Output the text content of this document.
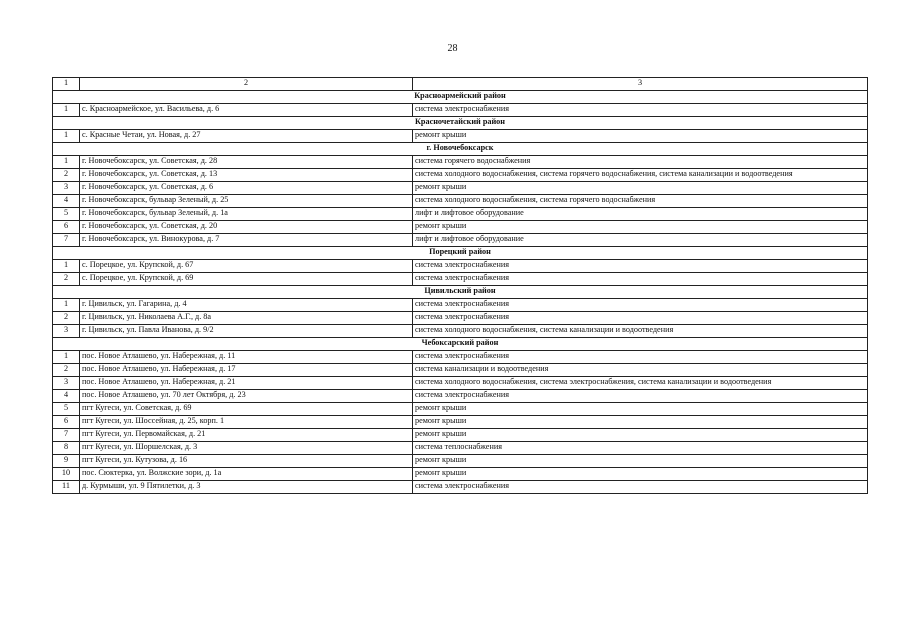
28
1	2	3
Красноармейский район		
1	с. Красноармейское, ул. Васильева, д. 6	система электроснабжения
Красночетайский район		
1	с. Красные Четаи, ул. Новая, д. 27	ремонт крыши
г. Новочебоксарск		
1	г. Новочебоксарск, ул. Советская, д. 28	система горячего водоснабжения
2	г. Новочебоксарск, ул. Советская, д. 13	система холодного водоснабжения, система горячего водоснабжения, система канализации и водоотведения
3	г. Новочебоксарск, ул. Советская, д. 6	ремонт крыши
4	г. Новочебоксарск, бульвар Зеленый, д. 25	система холодного водоснабжения, система горячего водоснабжения
5	г. Новочебоксарск, бульвар Зеленый, д. 1а	лифт и лифтовое оборудование
6	г. Новочебоксарск, ул. Советская, д. 20	ремонт крыши
7	г. Новочебоксарск, ул. Винокурова, д. 7	лифт и лифтовое оборудование
Порецкий район		
1	с. Порецкое, ул. Крупской, д. 67	система электроснабжения
2	с. Порецкое, ул. Крупской, д. 69	система электроснабжения
Цивильский район		
1	г. Цивильск, ул. Гагарина, д. 4	система электроснабжения
2	г. Цивильск, ул. Николаева А.Г., д. 8а	система электроснабжения
3	г. Цивильск, ул. Павла Иванова, д. 9/2	система холодного водоснабжения, система канализации и водоотведения
Чебоксарский район		
1	пос. Новое Атлашево, ул. Набережная, д. 11	система электроснабжения
2	пос. Новое Атлашево, ул. Набережная, д. 17	система канализации и водоотведения
3	пос. Новое Атлашево, ул. Набережная, д. 21	система холодного водоснабжения, система электроснабжения, система канализации и водоотведения
4	пос. Новое Атлашево, ул. 70 лет Октября, д. 23	система электроснабжения
5	пгт Кугеси, ул. Советская, д. 69	ремонт крыши
6	пгт Кугеси, ул. Шоссейная, д. 25, корп. 1	ремонт крыши
7	пгт Кугеси, ул. Первомайская, д. 21	ремонт крыши
8	пгт Кугеси, ул. Шоршелская, д. 3	система теплоснабжения
9	пгт Кугеси, ул. Кутузова, д. 16	ремонт крыши
10	пос. Сюктерка, ул. Волжские зори, д. 1а	ремонт крыши
11	д. Курмыши, ул. 9 Пятилетки, д. 3	система электроснабжения
